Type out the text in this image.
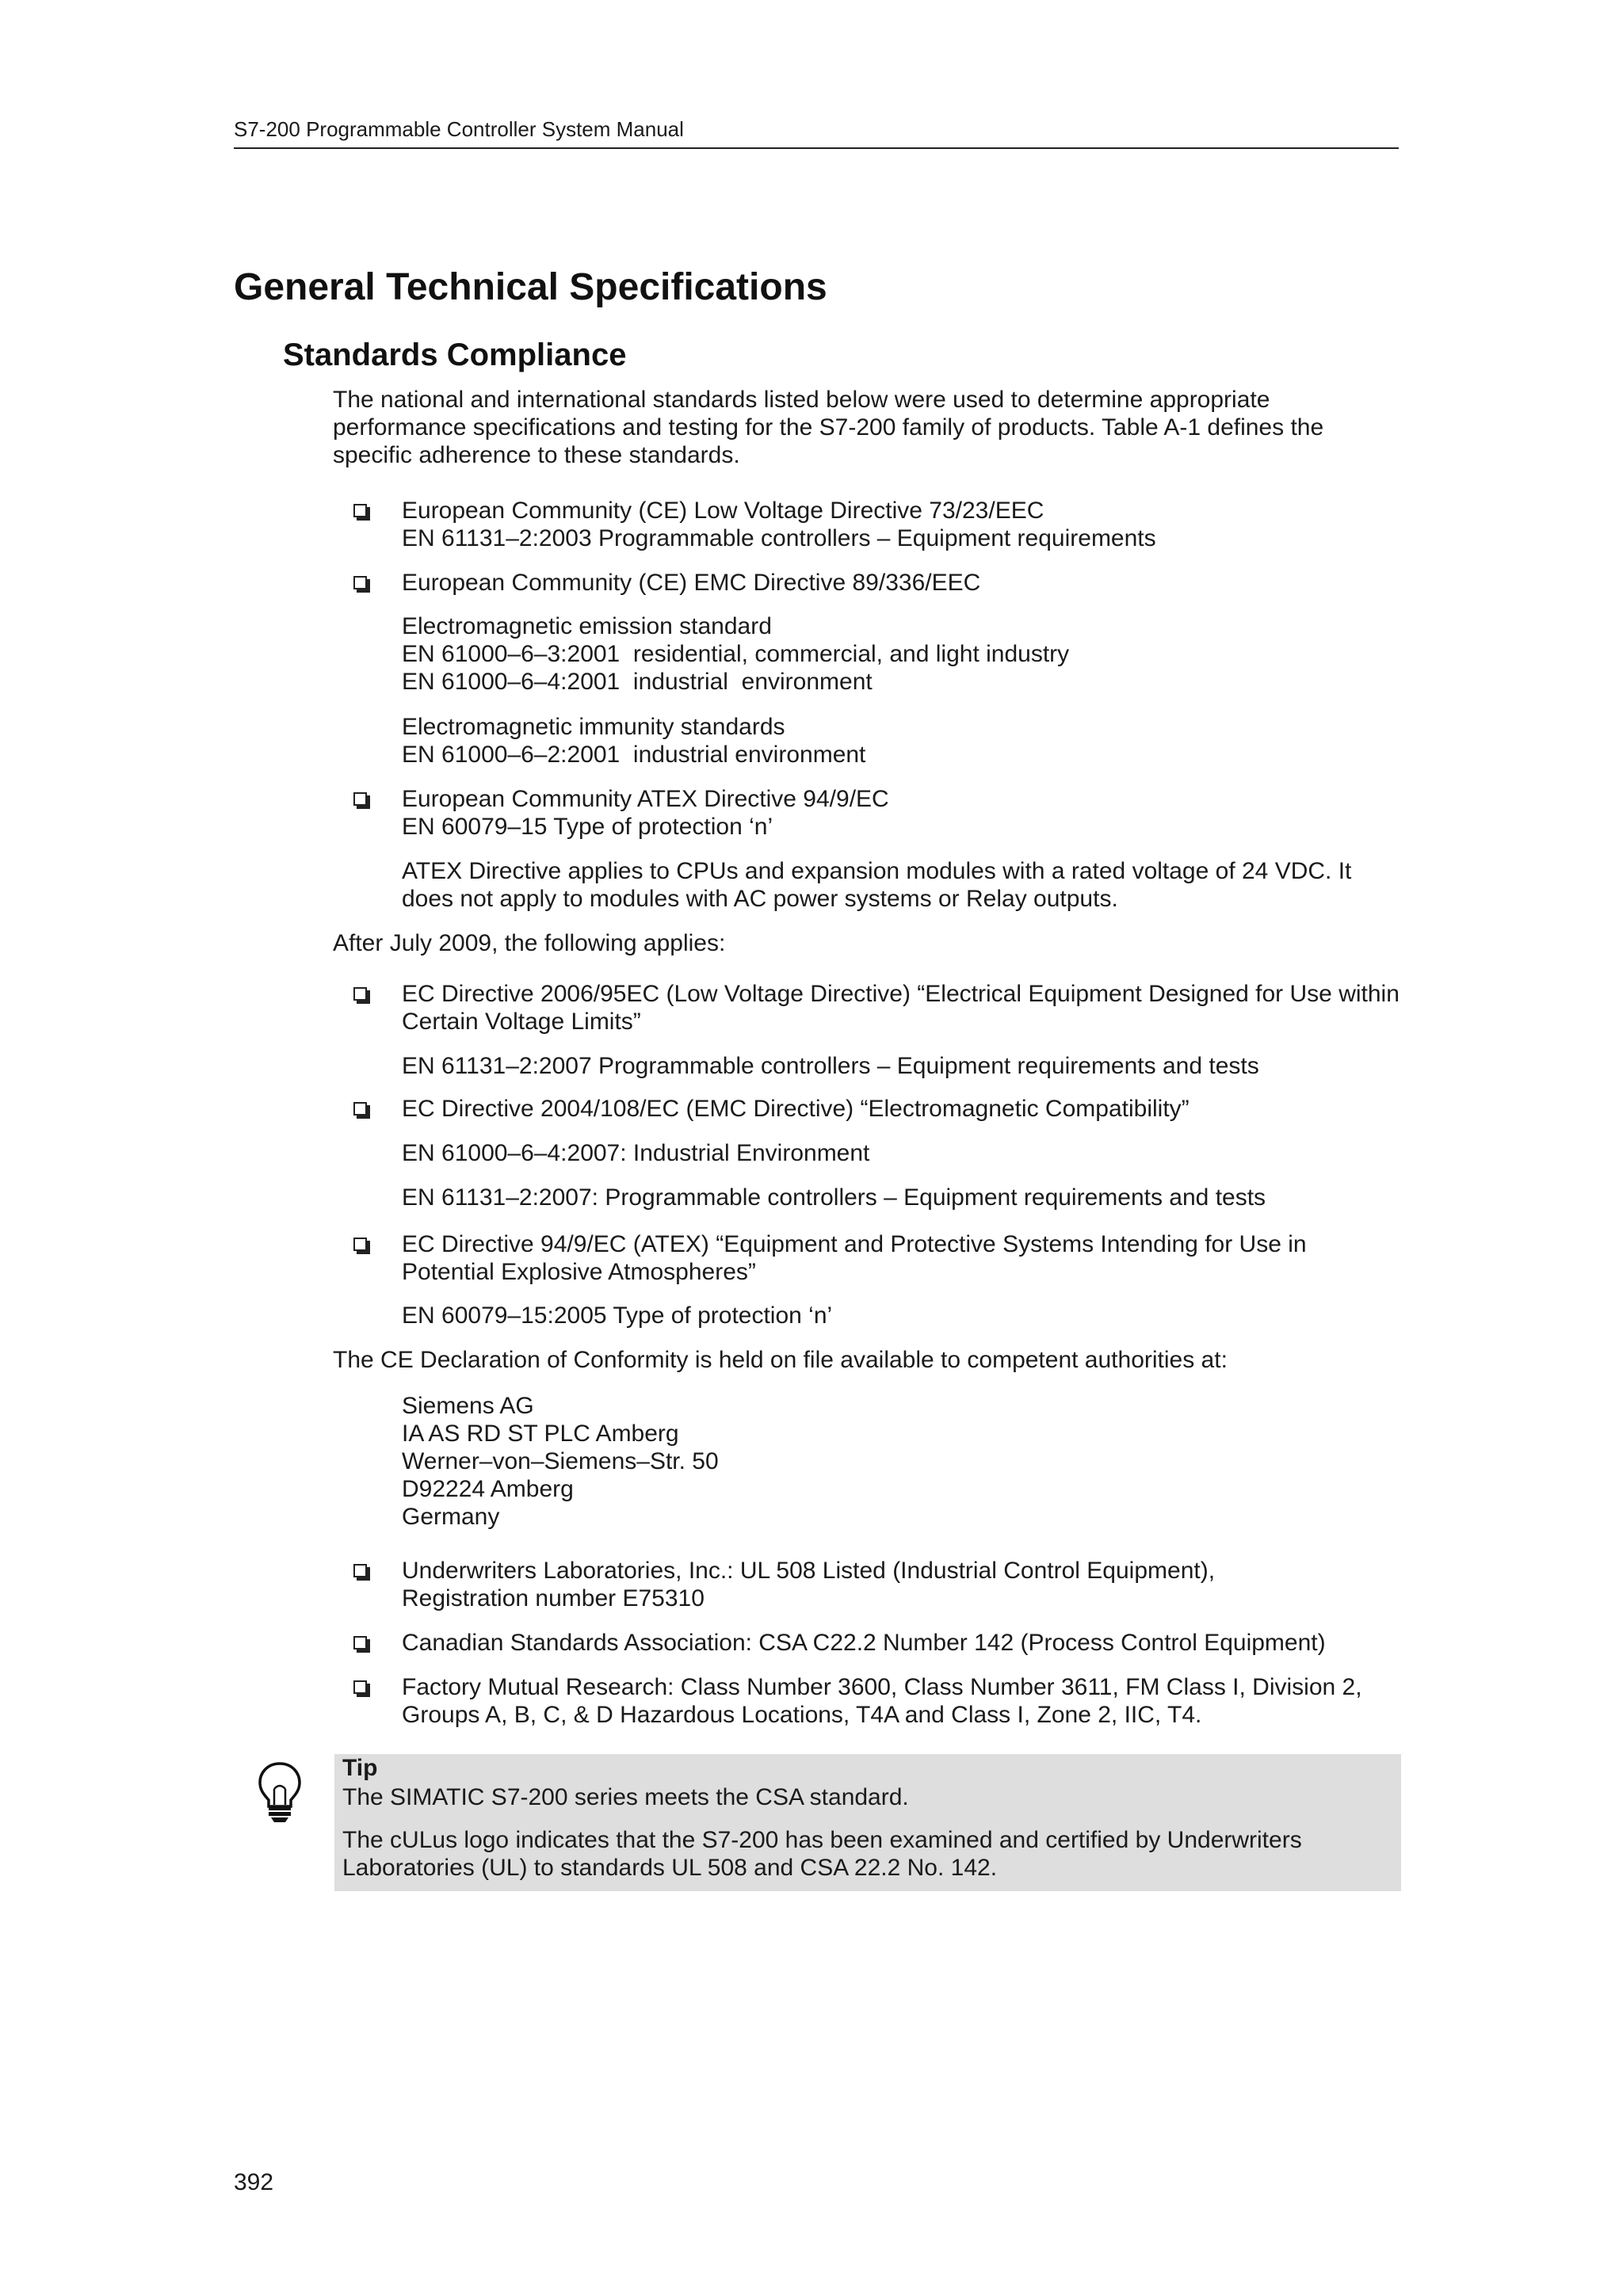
S7-200 Programmable Controller System Manual
General Technical Specifications
Standards Compliance
The national and international standards listed below were used to determine appropriate performance specifications and testing for the S7-200 family of products. Table A-1 defines the specific adherence to these standards.
European Community (CE) Low Voltage Directive 73/23/EEC
EN 61131–2:2003 Programmable controllers – Equipment requirements
European Community (CE) EMC Directive 89/336/EEC
Electromagnetic emission standard
EN 61000–6–3:2001  residential, commercial, and light industry
EN 61000–6–4:2001  industrial  environment
Electromagnetic immunity standards
EN 61000–6–2:2001  industrial environment
European Community ATEX Directive 94/9/EC
EN 60079–15 Type of protection ‘n’
ATEX Directive applies to CPUs and expansion modules with a rated voltage of 24 VDC. It does not apply to modules with AC power systems or Relay outputs.
After July 2009, the following applies:
EC Directive 2006/95EC (Low Voltage Directive) “Electrical Equipment Designed for Use within Certain Voltage Limits”
EN 61131–2:2007 Programmable controllers – Equipment requirements and tests
EC Directive 2004/108/EC (EMC Directive) “Electromagnetic Compatibility”
EN 61000–6–4:2007: Industrial Environment
EN 61131–2:2007: Programmable controllers – Equipment requirements and tests
EC Directive 94/9/EC (ATEX) “Equipment and Protective Systems Intending for Use in Potential Explosive Atmospheres”
EN 60079–15:2005 Type of protection ‘n’
The CE Declaration of Conformity is held on file available to competent authorities at:
Siemens AG
IA AS RD ST PLC Amberg
Werner–von–Siemens–Str. 50
D92224 Amberg
Germany
Underwriters Laboratories, Inc.: UL 508 Listed (Industrial Control Equipment),
Registration number E75310
Canadian Standards Association: CSA C22.2 Number 142 (Process Control Equipment)
Factory Mutual Research: Class Number 3600, Class Number 3611, FM Class I, Division 2,
Groups A, B, C, & D Hazardous Locations, T4A and Class I, Zone 2, IIC, T4.
Tip
The SIMATIC S7-200 series meets the CSA standard.
The cULus logo indicates that the S7-200 has been examined and certified by Underwriters Laboratories (UL) to standards UL 508 and CSA 22.2 No. 142.
392
